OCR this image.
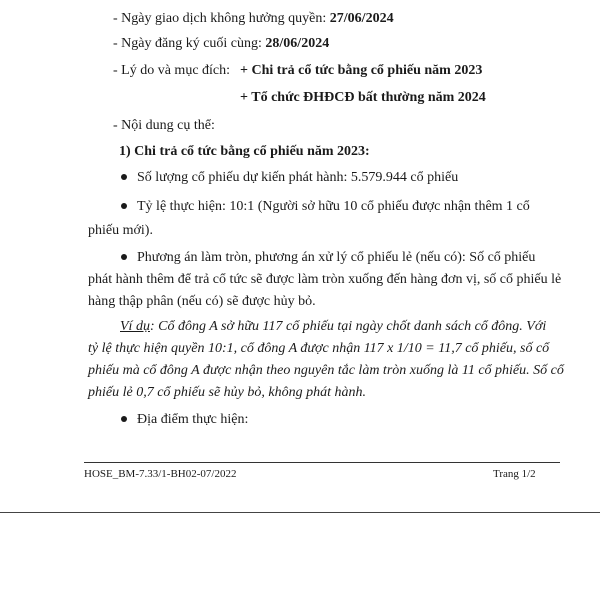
- Ngày giao dịch không hưởng quyền: 27/06/2024
- Ngày đăng ký cuối cùng: 28/06/2024
- Lý do và mục đích: + Chi trả cổ tức bằng cổ phiếu năm 2023
+ Tổ chức ĐHĐCĐ bất thường năm 2024
- Nội dung cụ thể:
1) Chi trả cổ tức bằng cổ phiếu năm 2023:
Số lượng cổ phiếu dự kiến phát hành: 5.579.944 cổ phiếu
Tỷ lệ thực hiện: 10:1 (Người sở hữu 10 cổ phiếu được nhận thêm 1 cổ
phiếu mới).
Phương án làm tròn, phương án xử lý cổ phiếu lẻ (nếu có): Số cổ phiếu
phát hành thêm để trả cổ tức sẽ được làm tròn xuống đến hàng đơn vị, số cổ phiếu lẻ
hàng thập phân (nếu có) sẽ được hủy bỏ.
Ví dụ: Cổ đông A sở hữu 117 cổ phiếu tại ngày chốt danh sách cổ đông. Với
tỷ lệ thực hiện quyền 10:1, cổ đông A được nhận 117 x 1/10 = 11,7 cổ phiếu, số cổ
phiếu mà cổ đông A được nhận theo nguyên tắc làm tròn xuống là 11 cổ phiếu. Số cổ
phiếu lẻ 0,7 cổ phiếu sẽ hủy bỏ, không phát hành.
Địa điểm thực hiện:
HOSE_BM-7.33/1-BH02-07/2022	Trang 1/2
